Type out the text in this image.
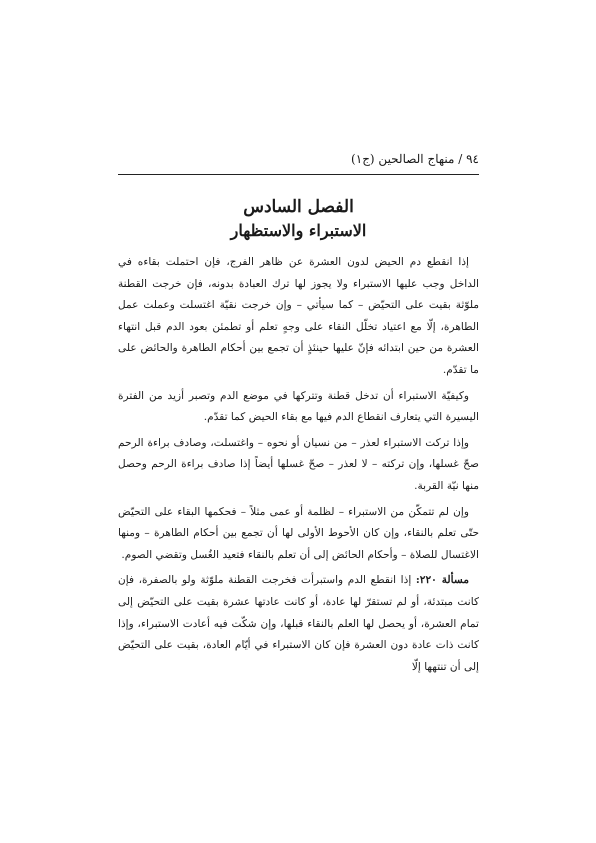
٩٤ / منهاج الصالحين (ج١)
الفصل السادس
الاستبراء والاستظهار

إذا انقطع دم الحيض لدون العشرة عن ظاهر الفرج، فإن احتملت بقاءه في الداخل وجب عليها الاستبراء ولا يجوز لها ترك العبادة بدونه، فإن خرجت القطنة ملوّثة بقيت على التحيّض – كما سيأتي – وإن خرجت نقيّة اغتسلت وعملت عمل الطاهرة، إلّا مع اعتياد تخلّل النقاء على وجهٍ تعلم أو تطمئن بعود الدم قبل انتهاء العشرة من حين ابتدائه فإنّ عليها حينئذٍ أن تجمع بين أحكام الطاهرة والحائض على ما تقدّم.

وكيفيّة الاستبراء أن تدخل قطنة وتتركها في موضع الدم وتصبر أزيد من الفترة اليسيرة التي يتعارف انقطاع الدم فيها مع بقاء الحيض كما تقدّم.

وإذا تركت الاستبراء لعذر – من نسيان أو نحوه – واغتسلت، وصادف براءة الرحم صحّ غسلها، وإن تركته – لا لعذر – صحّ غسلها أيضاً إذا صادف براءة الرحم وحصل منها نيّة القربة.

وإن لم تتمكّن من الاستبراء – لظلمة أو عمى مثلاً – فحكمها البقاء على التحيّض حتّى تعلم بالنقاء، وإن كان الأحوط الأولى لها أن تجمع بين أحكام الطاهرة – ومنها الاغتسال للصلاة – وأحكام الحائض إلى أن تعلم بالنقاء فتعيد الغُسل وتقضي الصوم.

مسألة ٢٢٠: إذا انقطع الدم واستبرأت فخرجت القطنة ملوّثة ولو بالصفرة، فإن كانت مبتدئة، أو لم تستقرّ لها عادة، أو كانت عادتها عشرة بقيت على التحيّض إلى تمام العشرة، أو يحصل لها العلم بالنقاء قبلها، وإن شكّت فيه أعادت الاستبراء، وإذا كانت ذات عادة دون العشرة فإن كان الاستبراء في أيّام العادة، بقيت على التحيّض إلى أن تنتهها إلّا
